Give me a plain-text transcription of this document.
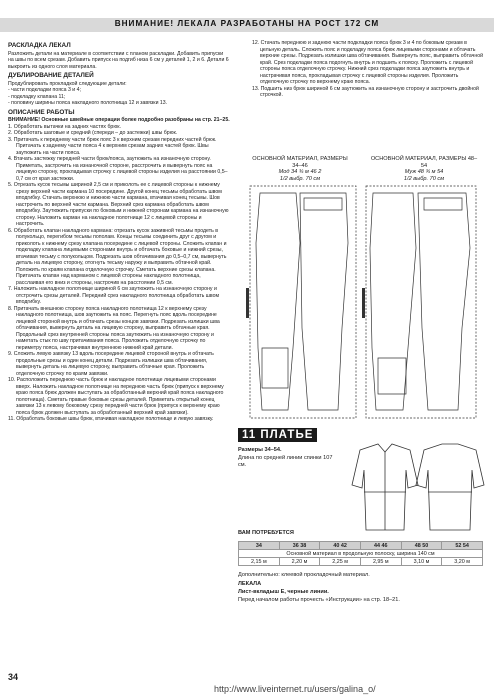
ВНИМАНИЕ! ЛЕКАЛА РАЗРАБОТАНЫ НА РОСТ 172 СМ

РАСКЛАДКА ЛЕКАЛ

Разложить детали на материале в соответствии с планом раскладки. Добавить припуски на швы по всем срезам. Добавить припуск на подгиб низа 6 см у деталей 1, 2 и 6. Детали 6 выкроить из одного слоя материала.

ДУБЛИРОВАНИЕ ДЕТАЛЕЙ

Продублировать прокладкой следующие детали:

- части подкладки пояса 3 и 4;

- подкладку клапана 11;

- половину ширины пояса накладного полотнища 12 и завязки 13.

ОПИСАНИЕ РАБОТЫ

ВНИМАНИЕ! Основные швейные операции более подробно разобраны на стр. 21–25.

1. Обработать вытачки на задних частях брюк.

2. Обработать шаговые и средний (спереди – до застежки) швы брюк.

3. Притачать к переднему части брюк пояс 3 к верхним срезам передних частей брюк. Притачать к заднему части пояса 4 к верхним срезам задних частей брюк. Швы заутюжить на части пояса.

4. Втачать застежку передней части брюк/пояса, заутюжить на изнаночную сторону. Приметать, застрочить на изнаночной стороне, расстрочить и вывернуть пояс на лицевую сторону, прокладывая строчку с лицевой стороны изделия на расстоянии 0,5–0,7 см от края застежки.

5. Отрезать кусок тесьмы шириной 2,5 см и приколоть ее с лицевой стороны к нижнему срезу верхней части кармана 10 посередине. Другой конец тесьмы обработать швом вподгибку. Стачать верхнюю и нижнюю части кармана, втачивая конец тесьмы. Шов настрочить по верхней части кармана. Верхний срез кармана обработать швом вподгибку. Заутюжить припуски по боковым и нижней сторонам кармана на изнаночную сторону. Наложить карман на накладное полотнище 12 с лицевой стороны и настрочить.

6. Обработать клапан накладного кармана: отрезать кусок заживной тесьмы продеть в полукольцо, перегибом тесьмы пополам. Концы тесьмы соединить друг с другом и приколоть к нижнему срезу клапана посередине с лицевой стороны. Сложить клапан и подкладку клапана лицевыми сторонами внутрь и обтачать боковые и нижний срезы, втачивая тесьму с полукольцом. Подрезать шов обтачивания до 0,5–0,7 см, вывернуть деталь на лицевую сторону, отогнуть тесьму наружу и выправить обтачной край. Положить по краям клапана отделочную строчку. Сметать верхние срезы клапана. Притачать клапан над карманом с лицевой стороны накладного полотнища, расслаивая его вниз и стороны, настрочив на расстоянии 0,5 см.

7. Наложить накладное полотнище шириной 6 см заутюжить на изнаночную сторону и отстрочить срезы деталей. Передний срез накладного полотнища обработать швом вподгибку.

8. Притачать внешнюю сторону пояса накладного полотнища 12 к верхнему срезу накладного полотнища, шов заутюжить на пояс. Перегнуть пояс вдоль посередине лицевой стороной внутрь и обтачать срезы концов завязки. Подрезать излишки шва обтачивания, вывернуть деталь на лицевую сторону, выправить обтачные края. Продольный срез внутренней стороны пояса заутюжить на изнаночную сторону и наметать стык по шву притачивания пояса. Проложить отделочную строчку по периметру пояса, настрачивая внутреннюю нижний край детали.

9. Сложить левую завязку 13 вдоль посередине лицевой стороной внутрь и обтачать продольные срезы и один конец детали. Подрезать излишки шва обтачивания, вывернуть деталь на лицевую сторону, выправить обтачные края. Проложить отделочную строчку по краям завязки.

10. Расположить переднюю часть брюк и накладное полотнище лицевыми сторонами вверх. Наложить накладное полотнище на переднюю часть брюк (припуск к верхнему краю пояса брюк должен выступать за обработанный верхний край пояса накладного полотнища). Сметать правые боковые срезы деталей. Приметать открытый конец завязки 13 к левому боковому срезу передней части брюк (припуск к верхнему краю пояса брюк должен выступать за обработанный верхний край завязки).

11. Обработать боковые швы брюк, втачивая накладное полотнище и левую завязку.

12. Стачать переднюю и заднюю части подкладки пояса брюк 3 и 4 по боковым срезам в цельную деталь. Сложить пояс и подкладку пояса брюк лицевыми сторонами и обтачать верхние срезы. Подрезать излишки шва обтачивания. Вывернуть пояс, выправить обтачной край. Срез подкладки пояса подогнуть внутрь и подшить к пояску. Проложить с лицевой стороны пояса отделочную строчку. Нижний срез подкладки пояса заутюжить внутрь и настрачивая пояса, прокладывая строчку с лицевой стороны изделия. Проложить отделочную строчку по верхнему краю пояса.

13. Подшить низ брюк шириной 6 см заутюжить на изнаночную сторону и застрочить двойной строчкой.

ОСНОВНОЙ МАТЕРИАЛ, РАЗМЕРЫ 34–46
Мод 34 ¾ м 46 2
1/2 выбр. 70 см
ОСНОВНОЙ МАТЕРИАЛ, РАЗМЕРЫ 48–54
Муж 48 ¾ м 54
1/2 выбр. 70 см
11 ПЛАТЬЕ
Размеры 34–54.
Длина по средней линии спинки 107 см.
ВАМ ПОТРЕБУЕТСЯ
34	36 38	40 42	44 46	48 50	52 54
Основной материал в продольную полоску, ширина 140 см					
2,15 м	2,20 м	2,25 м	2,95 м	3,10 м	3,20 м
Дополнительно: клеевой прокладочный материал.
ЛЕКАЛА
Лист-вкладыш Е, черные линии.
Перед началом работы прочесть «Инструкции» на стр. 18–21.
34
http://www.liveinternet.ru/users/galina_o/
